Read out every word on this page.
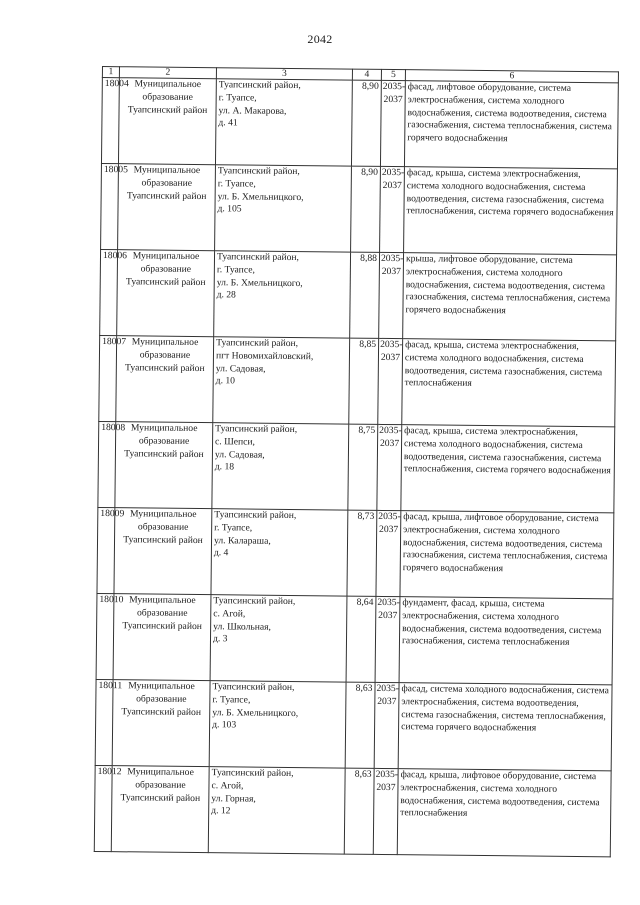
2042
1	2	3	4	5	6
18004	Муниципальное образование Туапсинский район	Туапсинский район,
г. Туапсе,
ул. А. Макарова,
д. 41	8,90	2035-2037	фасад, лифтовое оборудование, система электроснабжения, система холодного водоснабжения, система водоотведения, система газоснабжения, система теплоснабжения, система горячего водоснабжения
18005	Муниципальное образование Туапсинский район	Туапсинский район,
г. Туапсе,
ул. Б. Хмельницкого,
д. 105	8,90	2035-2037	фасад, крыша, система электроснабжения, система холодного водоснабжения, система водоотведения, система газоснабжения, система теплоснабжения, система горячего водоснабжения
18006	Муниципальное образование Туапсинский район	Туапсинский район,
г. Туапсе,
ул. Б. Хмельницкого,
д. 28	8,88	2035-2037	крыша, лифтовое оборудование, система электроснабжения, система холодного водоснабжения, система водоотведения, система газоснабжения, система теплоснабжения, система горячего водоснабжения
18007	Муниципальное образование Туапсинский район	Туапсинский район,
пгт Новомихайловский,
ул. Садовая,
д. 10	8,85	2035-2037	фасад, крыша, система электроснабжения, система холодного водоснабжения, система водоотведения, система газоснабжения, система теплоснабжения
18008	Муниципальное образование Туапсинский район	Туапсинский район,
с. Шепси,
ул. Садовая,
д. 18	8,75	2035-2037	фасад, крыша, система электроснабжения, система холодного водоснабжения, система водоотведения, система газоснабжения, система теплоснабжения, система горячего водоснабжения
18009	Муниципальное образование Туапсинский район	Туапсинский район,
г. Туапсе,
ул. Калараша,
д. 4	8,73	2035-2037	фасад, крыша, лифтовое оборудование, система электроснабжения, система холодного водоснабжения, система водоотведения, система газоснабжения, система теплоснабжения, система горячего водоснабжения
18010	Муниципальное образование Туапсинский район	Туапсинский район,
с. Агой,
ул. Школьная,
д. 3	8,64	2035-2037	фундамент, фасад, крыша, система электроснабжения, система холодного водоснабжения, система водоотведения, система газоснабжения, система теплоснабжения
18011	Муниципальное образование Туапсинский район	Туапсинский район,
г. Туапсе,
ул. Б. Хмельницкого,
д. 103	8,63	2035-2037	фасад, система холодного водоснабжения, система электроснабжения, система водоотведения, система газоснабжения, система теплоснабжения, система горячего водоснабжения
18012	Муниципальное образование Туапсинский район	Туапсинский район,
с. Агой,
ул. Горная,
д. 12	8,63	2035-2037	фасад, крыша, лифтовое оборудование, система электроснабжения, система холодного водоснабжения, система водоотведения, система теплоснабжения
